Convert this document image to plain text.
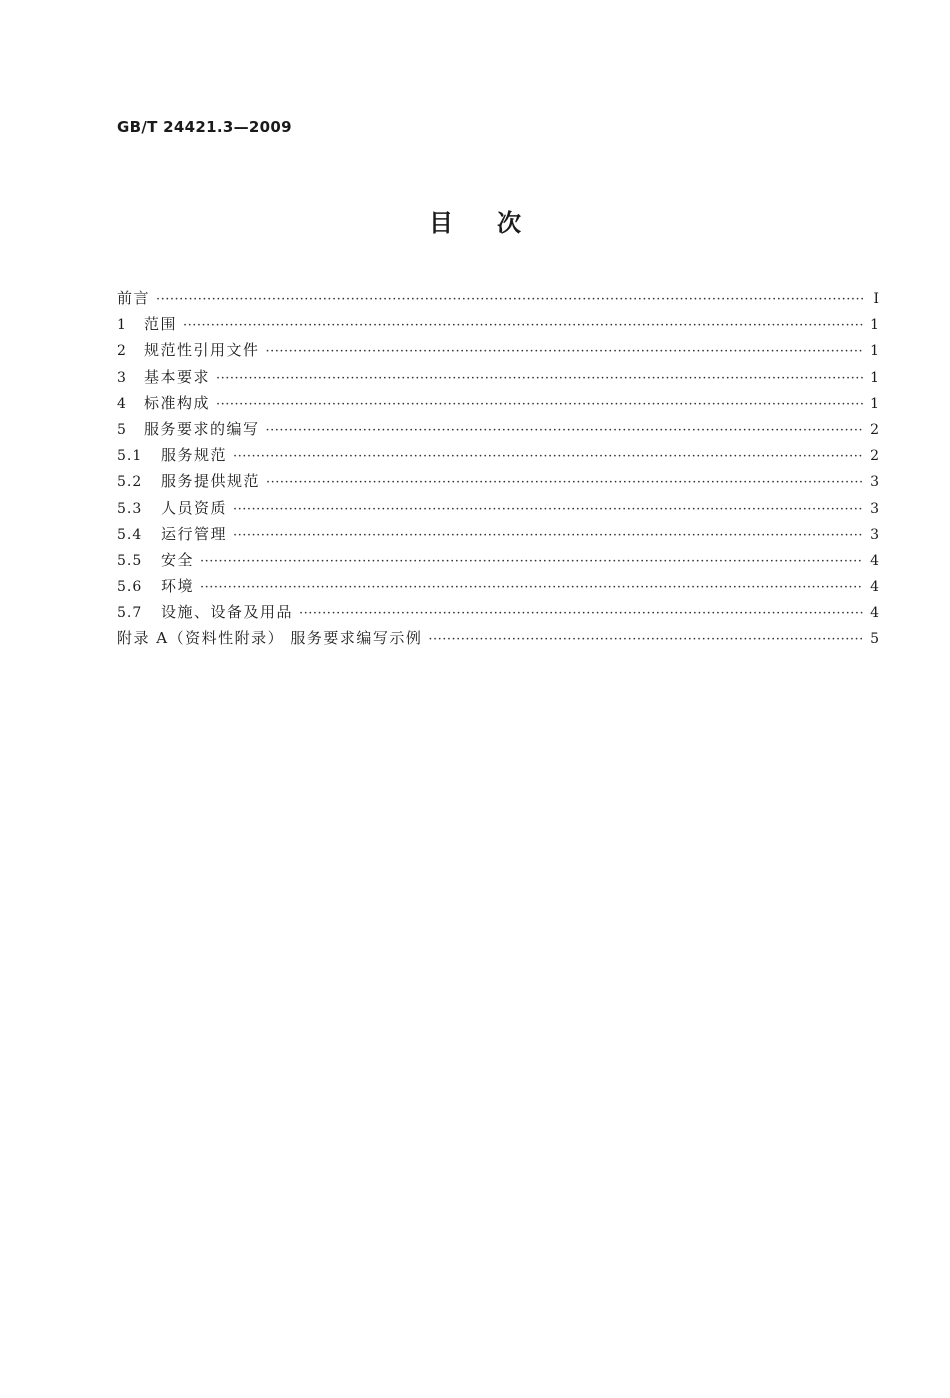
GB/T 24421.3—2009
目次
前言 ·····	Ⅰ
1	范围 ·····	1
2	规范性引用文件 ·····	1
3	基本要求 ·····	1
4	标准构成 ·····	1
5	服务要求的编写 ·····	2
5.1	服务规范 ·····	2
5.2	服务提供规范 ·····	3
5.3	人员资质 ·····	3
5.4	运行管理 ·····	3
5.5	安全 ·····	4
5.6	环境 ·····	4
5.7	设施、设备及用品 ·····	4
附录 A（资料性附录） 服务要求编写示例 ·····	5
